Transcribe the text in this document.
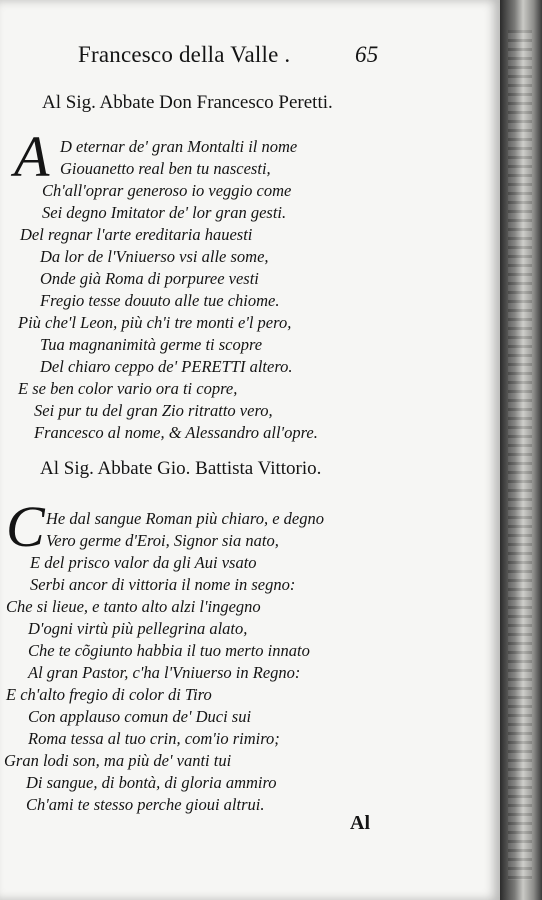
Francesco della Valle .	65
Al Sig. Abbate Don Francesco Peretti.
A D eternar de' gran Montalti il nome
Giouanetto real ben tu nascesti,
Ch'all'oprar generoso io veggio come
Sei degno Imitator de' lor gran gesti.
Del regnar l'arte ereditaria hauesti
Da lor de l'Vniuerso vsi alle some,
Onde già Roma di porpuree vesti
Fregio tesse douuto alle tue chiome.
Più che'l Leon, più ch'i tre monti e'l pero,
Tua magnanimità germe ti scopre
Del chiaro ceppo de' PERETTI altero.
E se ben color vario ora ti copre,
Sei pur tu del gran Zio ritratto vero,
Francesco al nome, & Alessandro all'opre.
Al Sig. Abbate Gio. Battista Vittorio.
C He dal sangue Roman più chiaro, e degno
Vero germe d'Eroi, Signor sia nato,
E del prisco valor da gli Aui vsato
Serbi ancor di vittoria il nome in segno:
Che si lieue, e tanto alto alzi l'ingegno
D'ogni virtù più pellegrina alato,
Che te cõgiunto habbia il tuo merto innato
Al gran Pastor, c'ha l'Vniuerso in Regno:
E ch'alto fregio di color di Tiro
Con applauso comun de' Duci sui
Roma tessa al tuo crin, com'io rimiro;
Gran lodi son, ma più de' vanti tui
Di sangue, di bontà, di gloria ammiro
Ch'ami te stesso perche gioui altrui.
Al
